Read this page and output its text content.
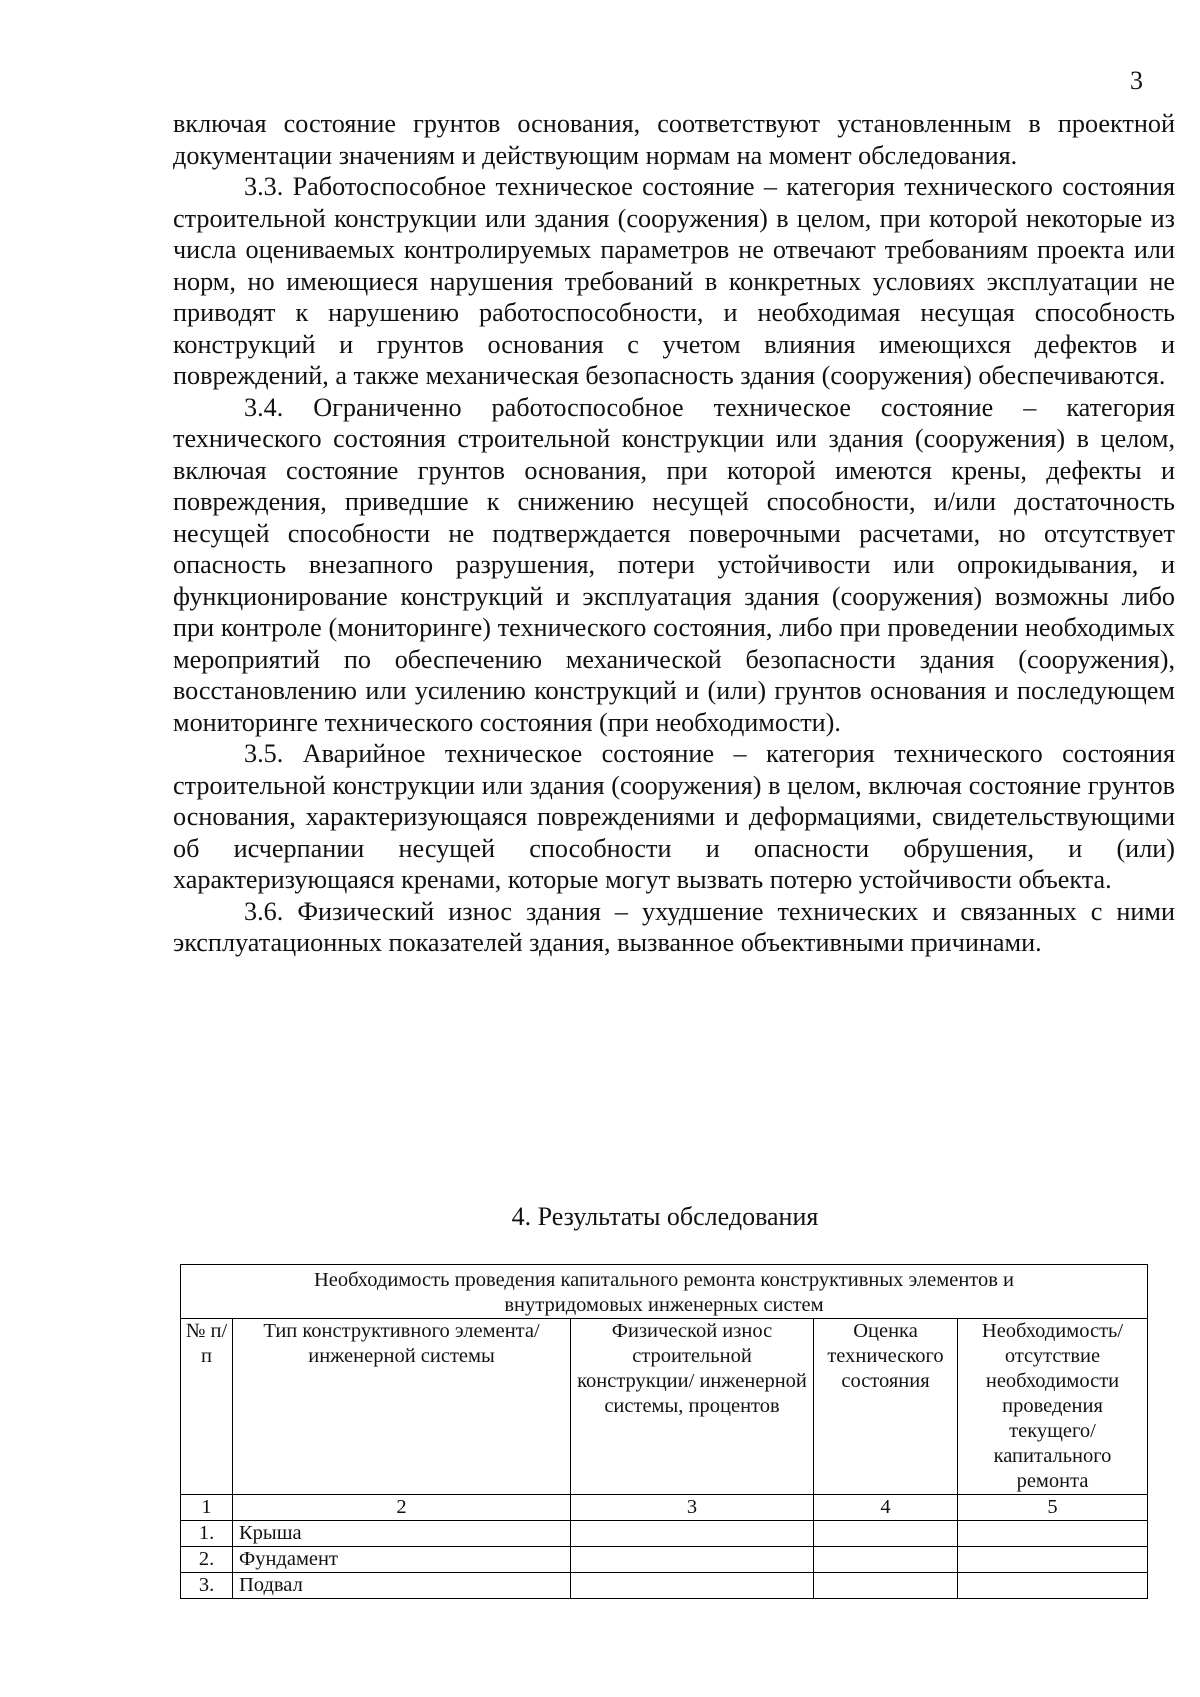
3

включая состояние грунтов основания, соответствуют установленным в проектной документации значениям и действующим нормам на момент обследования.

3.3. Работоспособное техническое состояние – категория технического состояния строительной конструкции или здания (сооружения) в целом, при которой некоторые из числа оцениваемых контролируемых параметров не отвечают требованиям проекта или норм, но имеющиеся нарушения требований в конкретных условиях эксплуатации не приводят к нарушению работоспособности, и необходимая несущая способность конструкций и грунтов основания с учетом влияния имеющихся дефектов и повреждений, а также механическая безопасность здания (сооружения) обеспечиваются.

3.4. Ограниченно работоспособное техническое состояние – категория технического состояния строительной конструкции или здания (сооружения) в целом, включая состояние грунтов основания, при которой имеются крены, дефекты и повреждения, приведшие к снижению несущей способности, и/или достаточность несущей способности не подтверждается поверочными расчетами, но отсутствует опасность внезапного разрушения, потери устойчивости или опрокидывания, и функционирование конструкций и эксплуатация здания (сооружения) возможны либо при контроле (мониторинге) технического состояния, либо при проведении необходимых мероприятий по обеспечению механической безопасности здания (сооружения), восстановлению или усилению конструкций и (или) грунтов основания и последующем мониторинге технического состояния (при необходимости).

3.5. Аварийное техническое состояние – категория технического состояния строительной конструкции или здания (сооружения) в целом, включая состояние грунтов основания, характеризующаяся повреждениями и деформациями, свидетельствующими об исчерпании несущей способности и опасности обрушения, и (или) характеризующаяся кренами, которые могут вызвать потерю устойчивости объекта.

3.6. Физический износ здания – ухудшение технических и связанных с ними эксплуатационных показателей здания, вызванное объективными причинами.

4. Результаты обследования
Необходимость проведения капитального ремонта конструктивных элементов и внутридомовых инженерных систем				
№ п/п	Тип конструктивного элемента/ инженерной системы	Физической износ строительной конструкции/ инженерной системы, процентов	Оценка технического состояния	Необходимость/ отсутствие необходимости проведения текущего/капитального ремонта
1	2	3	4	5
1.	Крыша			
2.	Фундамент			
3.	Подвал			
